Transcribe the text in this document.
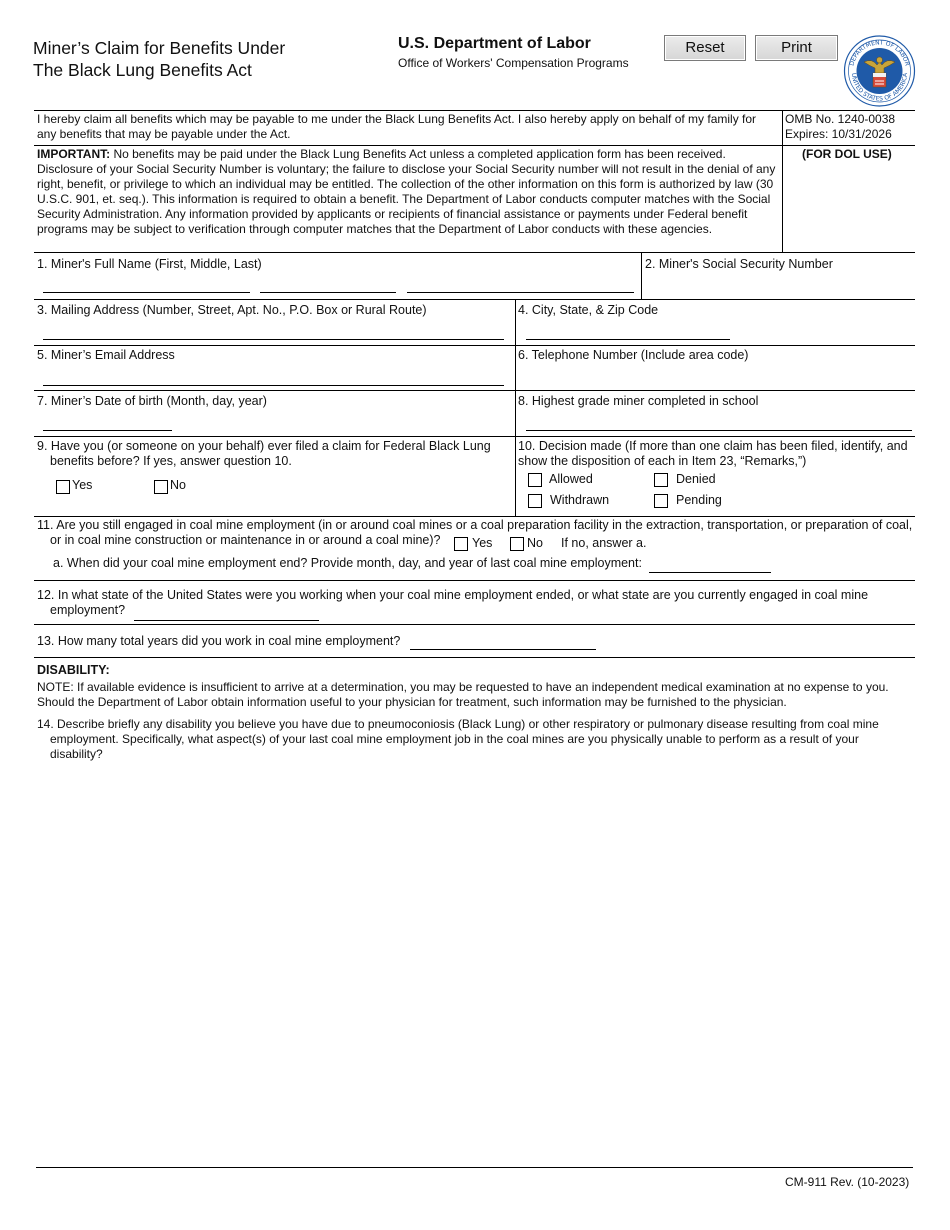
Miner’s Claim for Benefits Under
The Black Lung Benefits Act
U.S. Department of Labor
Office of Workers' Compensation Programs
Reset	Print
DEPARTMENT OF LABOR
UNITED STATES OF AMERICA
I hereby claim all benefits which may be payable to me under the Black Lung Benefits Act. I also hereby apply on behalf of my family for any benefits that may be payable under the Act.
OMB No. 1240-0038
Expires: 10/31/2026
IMPORTANT: No benefits may be paid under the Black Lung Benefits Act unless a completed application form has been received. Disclosure of your Social Security Number is voluntary; the failure to disclose your Social Security number will not result in the denial of any right, benefit, or privilege to which an individual may be entitled. The collection of the other information on this form is authorized by law (30 U.S.C. 901, et. seq.). This information is required to obtain a benefit. The Department of Labor conducts computer matches with the Social Security Administration. Any information provided by applicants or recipients of financial assistance or payments under Federal benefit programs may be subject to verification through computer matches that the Department of Labor conducts with these agencies.
(FOR DOL USE)
1. Miner's Full Name (First, Middle, Last)	2. Miner's Social Security Number
3. Mailing Address (Number, Street, Apt. No., P.O. Box or Rural Route)	4. City, State, & Zip Code
5. Miner’s Email Address	6. Telephone Number (Include area code)
7. Miner’s Date of birth (Month, day, year)	8. Highest grade miner completed in school
9. Have you (or someone on your behalf) ever filed a claim for Federal Black Lung
benefits before? If yes, answer question 10.
Yes	No
10. Decision made (If more than one claim has been filed, identify, and
show the disposition of each in Item 23, “Remarks,”)
Allowed	Denied
Withdrawn	Pending
11. Are you still engaged in coal mine employment (in or around coal mines or a coal preparation facility in the extraction, transportation, or preparation of coal,
or in coal mine construction or maintenance in or around a coal mine)?	Yes	No If no, answer a.
a. When did your coal mine employment end? Provide month, day, and year of last coal mine employment:
12. In what state of the United States were you working when your coal mine employment ended, or what state are you currently engaged in coal mine
employment?
13. How many total years did you work in coal mine employment?
DISABILITY:
NOTE: If available evidence is insufficient to arrive at a determination, you may be requested to have an independent medical examination at no expense to you. Should the Department of Labor obtain information useful to your physician for treatment, such information may be furnished to the physician.
14. Describe briefly any disability you believe you have due to pneumoconiosis (Black Lung) or other respiratory or pulmonary disease resulting from coal mine
employment. Specifically, what aspect(s) of your last coal mine employment job in the coal mines are you physically unable to perform as a result of your
disability?
CM-911 Rev. (10-2023)
